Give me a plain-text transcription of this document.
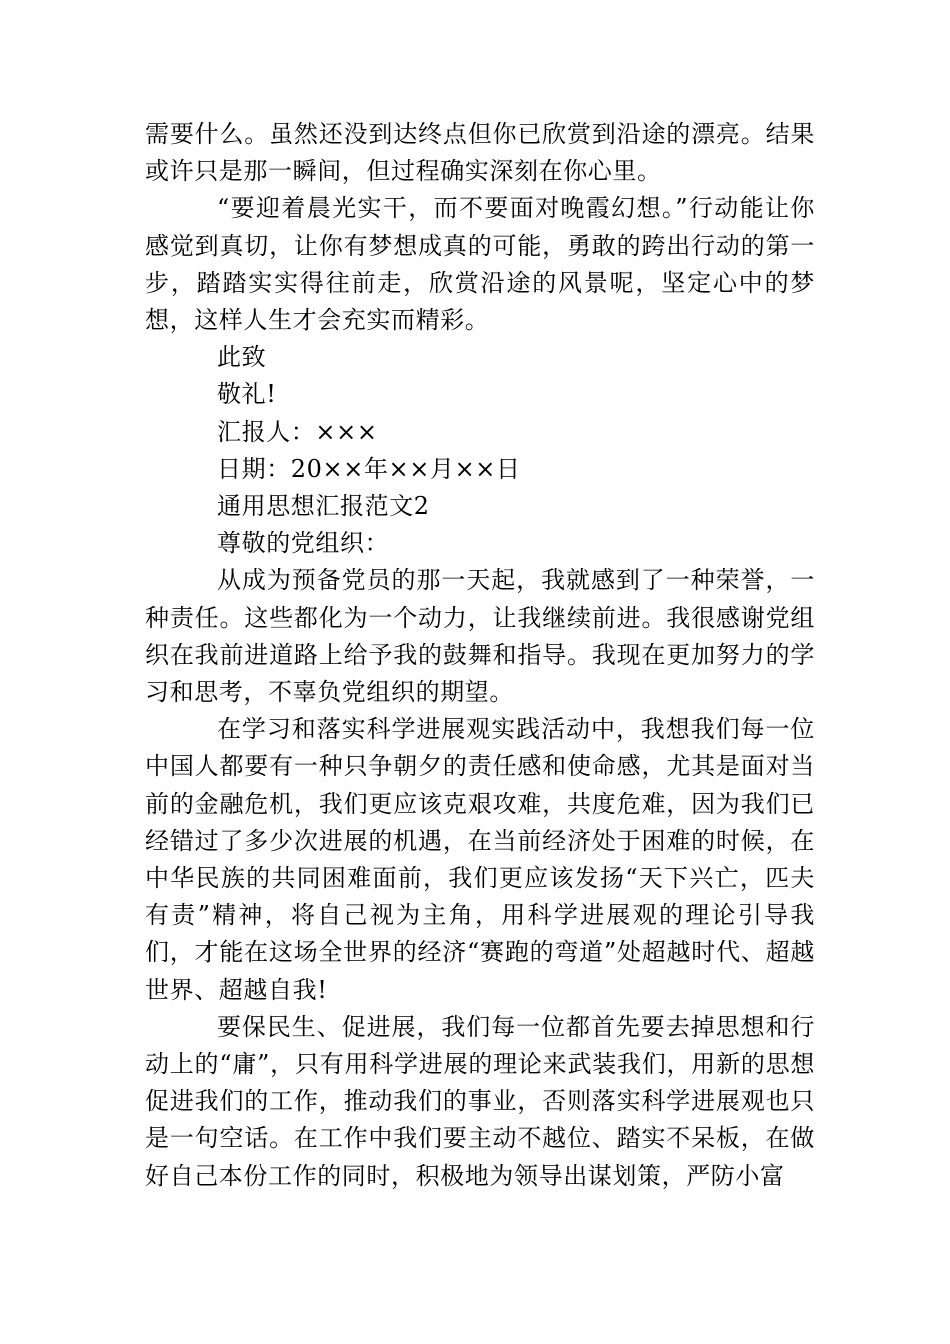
需要什么。虽然还没到达终点但你已欣赏到沿途的漂亮。结果或许只是那一瞬间，但过程确实深刻在你心里。

“要迎着晨光实干，而不要面对晚霞幻想。”行动能让你感觉到真切，让你有梦想成真的可能，勇敢的跨出行动的第一步，踏踏实实得往前走，欣赏沿途的风景呢，坚定心中的梦想，这样人生才会充实而精彩。

此致

敬礼!

汇报人：×××

日期：20××年××月××日

通用思想汇报范文2

尊敬的党组织：

从成为预备党员的那一天起，我就感到了一种荣誉，一种责任。这些都化为一个动力，让我继续前进。我很感谢党组织在我前进道路上给予我的鼓舞和指导。我现在更加努力的学习和思考，不辜负党组织的期望。

在学习和落实科学进展观实践活动中，我想我们每一位中国人都要有一种只争朝夕的责任感和使命感，尤其是面对当前的金融危机，我们更应该克艰攻难，共度危难，因为我们已经错过了多少次进展的机遇，在当前经济处于困难的时候，在中华民族的共同困难面前，我们更应该发扬“天下兴亡，匹夫有责”精神，将自己视为主角，用科学进展观的理论引导我们，才能在这场全世界的经济“赛跑的弯道”处超越时代、超越世界、超越自我!

要保民生、促进展，我们每一位都首先要去掉思想和行动上的“庸”，只有用科学进展的理论来武装我们，用新的思想促进我们的工作，推动我们的事业，否则落实科学进展观也只是一句空话。在工作中我们要主动不越位、踏实不呆板，在做好自己本份工作的同时，积极地为领导出谋划策，严防小富
